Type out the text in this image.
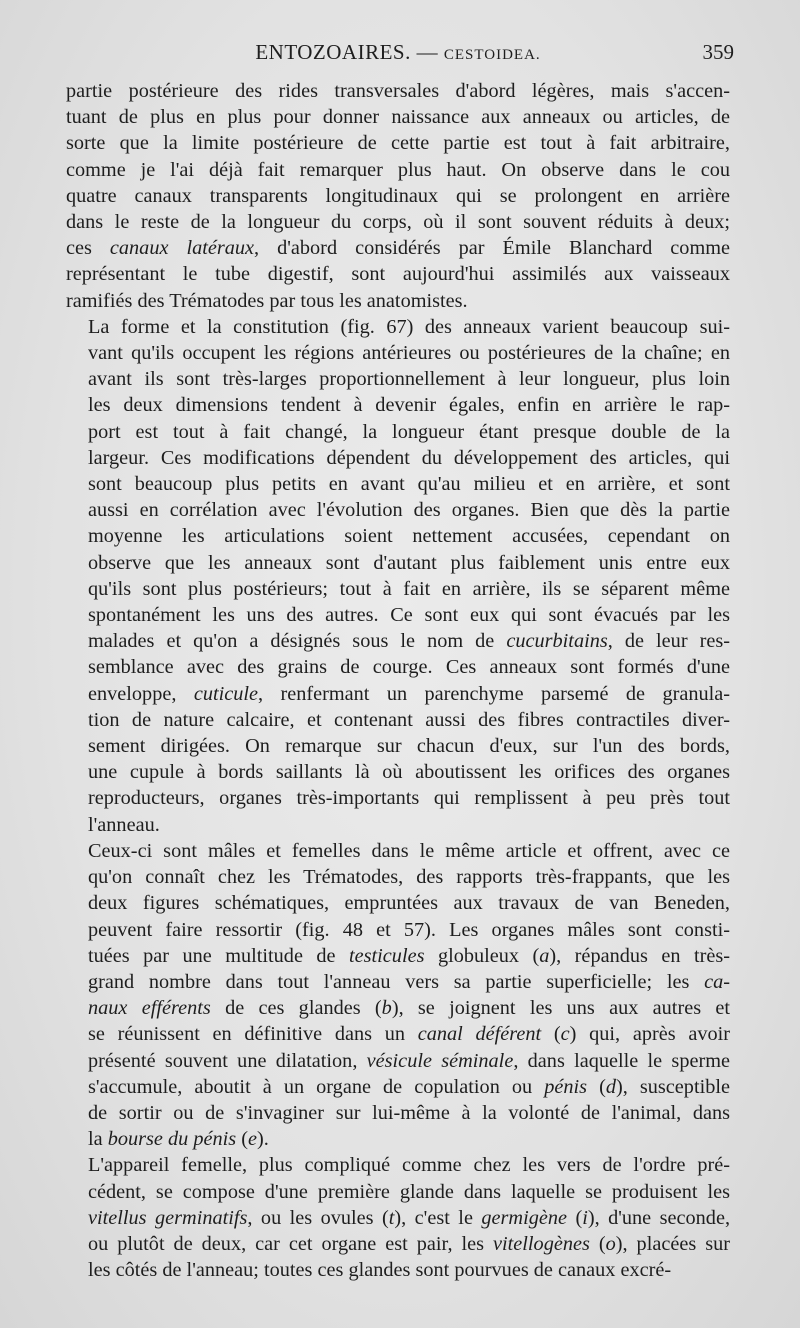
ENTOZOAIRES. — CESTOIDEA.	359

partie postérieure des rides transversales d'abord légères, mais s'accen-
tuant de plus en plus pour donner naissance aux anneaux ou articles, de
sorte que la limite postérieure de cette partie est tout à fait arbitraire,
comme je l'ai déjà fait remarquer plus haut. On observe dans le cou
quatre canaux transparents longitudinaux qui se prolongent en arrière
dans le reste de la longueur du corps, où il sont souvent réduits à deux;
ces canaux latéraux, d'abord considérés par Émile Blanchard comme
représentant le tube digestif, sont aujourd'hui assimilés aux vaisseaux
ramifiés des Trématodes par tous les anatomistes.

La forme et la constitution (fig. 67) des anneaux varient beaucoup sui-
vant qu'ils occupent les régions antérieures ou postérieures de la chaîne; en
avant ils sont très-larges proportionnellement à leur longueur, plus loin
les deux dimensions tendent à devenir égales, enfin en arrière le rap-
port est tout à fait changé, la longueur étant presque double de la
largeur. Ces modifications dépendent du développement des articles, qui
sont beaucoup plus petits en avant qu'au milieu et en arrière, et sont
aussi en corrélation avec l'évolution des organes. Bien que dès la partie
moyenne les articulations soient nettement accusées, cependant on
observe que les anneaux sont d'autant plus faiblement unis entre eux
qu'ils sont plus postérieurs; tout à fait en arrière, ils se séparent même
spontanément les uns des autres. Ce sont eux qui sont évacués par les
malades et qu'on a désignés sous le nom de cucurbitains, de leur res-
semblance avec des grains de courge. Ces anneaux sont formés d'une
enveloppe, cuticule, renfermant un parenchyme parsemé de granula-
tion de nature calcaire, et contenant aussi des fibres contractiles diver-
sement dirigées. On remarque sur chacun d'eux, sur l'un des bords,
une cupule à bords saillants là où aboutissent les orifices des organes
reproducteurs, organes très-importants qui remplissent à peu près tout
l'anneau.

Ceux-ci sont mâles et femelles dans le même article et offrent, avec ce
qu'on connaît chez les Trématodes, des rapports très-frappants, que les
deux figures schématiques, empruntées aux travaux de van Beneden,
peuvent faire ressortir (fig. 48 et 57). Les organes mâles sont consti-
tuées par une multitude de testicules globuleux (a), répandus en très-
grand nombre dans tout l'anneau vers sa partie superficielle; les ca-
naux efférents de ces glandes (b), se joignent les uns aux autres et
se réunissent en définitive dans un canal déférent (c) qui, après avoir
présenté souvent une dilatation, vésicule séminale, dans laquelle le sperme
s'accumule, aboutit à un organe de copulation ou pénis (d), susceptible
de sortir ou de s'invaginer sur lui-même à la volonté de l'animal, dans
la bourse du pénis (e).

L'appareil femelle, plus compliqué comme chez les vers de l'ordre pré-
cédent, se compose d'une première glande dans laquelle se produisent les
vitellus germinatifs, ou les ovules (t), c'est le germigène (i), d'une seconde,
ou plutôt de deux, car cet organe est pair, les vitellogènes (o), placées sur
les côtés de l'anneau; toutes ces glandes sont pourvues de canaux excré-
